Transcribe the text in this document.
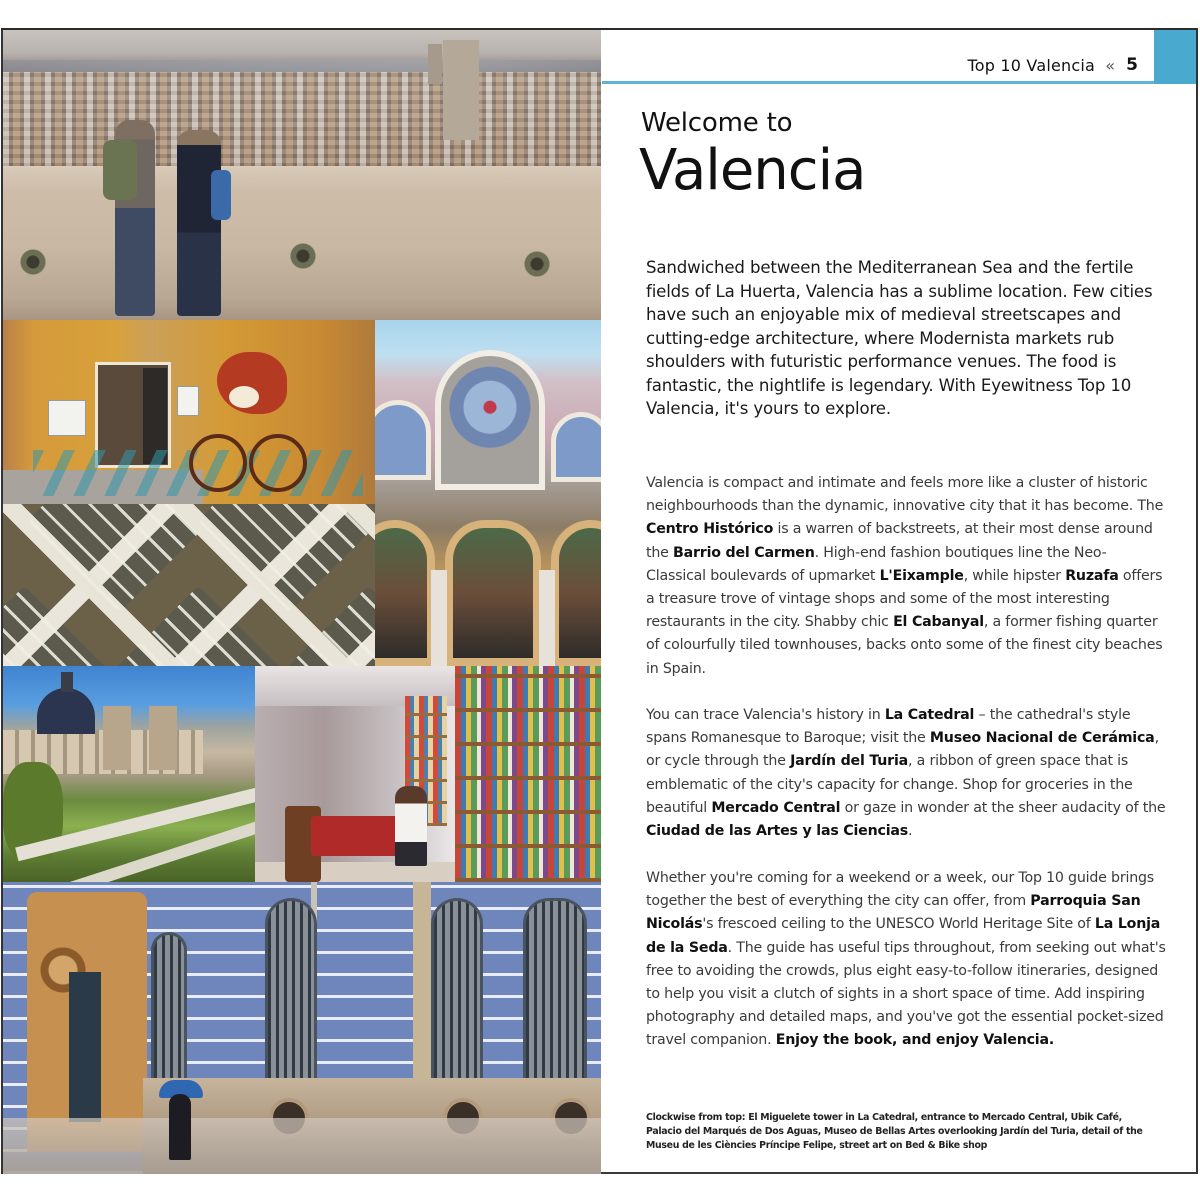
Top 10 Valencia « 5
Welcome to
Valencia

Sandwiched between the Mediterranean Sea and the fertile fields of La Huerta, Valencia has a sublime location. Few cities have such an enjoyable mix of medieval streetscapes and cutting-edge architecture, where Modernista markets rub shoulders with futuristic performance venues. The food is fantastic, the nightlife is legendary. With Eyewitness Top 10 Valencia, it's yours to explore.

Valencia is compact and intimate and feels more like a cluster of historic neighbourhoods than the dynamic, innovative city that it has become. The Centro Histórico is a warren of backstreets, at their most dense around the Barrio del Carmen. High-end fashion boutiques line the Neo-Classical boulevards of upmarket L'Eixample, while hipster Ruzafa offers a treasure trove of vintage shops and some of the most interesting restaurants in the city. Shabby chic El Cabanyal, a former fishing quarter of colourfully tiled townhouses, backs onto some of the finest city beaches in Spain.

You can trace Valencia's history in La Catedral – the cathedral's style spans Romanesque to Baroque; visit the Museo Nacional de Cerámica, or cycle through the Jardín del Turia, a ribbon of green space that is emblematic of the city's capacity for change. Shop for groceries in the beautiful Mercado Central or gaze in wonder at the sheer audacity of the Ciudad de las Artes y las Ciencias.

Whether you're coming for a weekend or a week, our Top 10 guide brings together the best of everything the city can offer, from Parroquia San Nicolás's frescoed ceiling to the UNESCO World Heritage Site of La Lonja de la Seda. The guide has useful tips throughout, from seeking out what's free to avoiding the crowds, plus eight easy-to-follow itineraries, designed to help you visit a clutch of sights in a short space of time. Add inspiring photography and detailed maps, and you've got the essential pocket-sized travel companion. Enjoy the book, and enjoy Valencia.

Clockwise from top: El Miguelete tower in La Catedral, entrance to Mercado Central, Ubik Café, Palacio del Marqués de Dos Aguas, Museo de Bellas Artes overlooking Jardín del Turia, detail of the Museu de les Ciències Príncipe Felipe, street art on Bed & Bike shop
